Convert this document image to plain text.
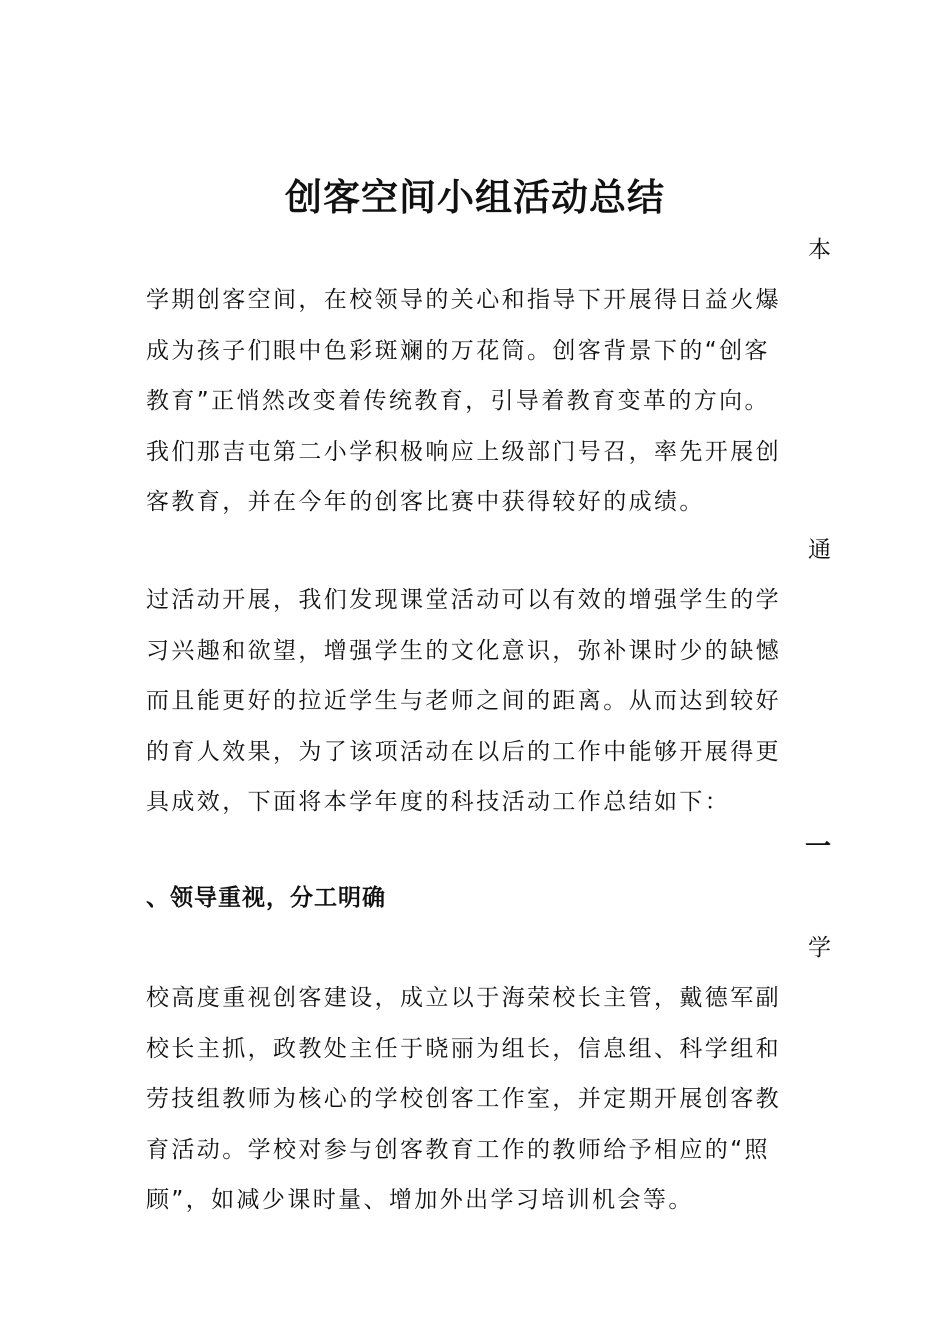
创客空间小组活动总结
本
学期创客空间，在校领导的关心和指导下开展得日益火爆
成为孩子们眼中色彩斑斓的万花筒。创客背景下的“创客
教育”正悄然改变着传统教育，引导着教育变革的方向。
我们那吉屯第二小学积极响应上级部门号召，率先开展创
客教育，并在今年的创客比赛中获得较好的成绩。
通
过活动开展，我们发现课堂活动可以有效的增强学生的学
习兴趣和欲望，增强学生的文化意识，弥补课时少的缺憾
而且能更好的拉近学生与老师之间的距离。从而达到较好
的育人效果，为了该项活动在以后的工作中能够开展得更
具成效，下面将本学年度的科技活动工作总结如下：
一
、领导重视，分工明确
学
校高度重视创客建设，成立以于海荣校长主管，戴德军副
校长主抓，政教处主任于晓丽为组长，信息组、科学组和
劳技组教师为核心的学校创客工作室，并定期开展创客教
育活动。学校对参与创客教育工作的教师给予相应的“照
顾”，如减少课时量、增加外出学习培训机会等。
